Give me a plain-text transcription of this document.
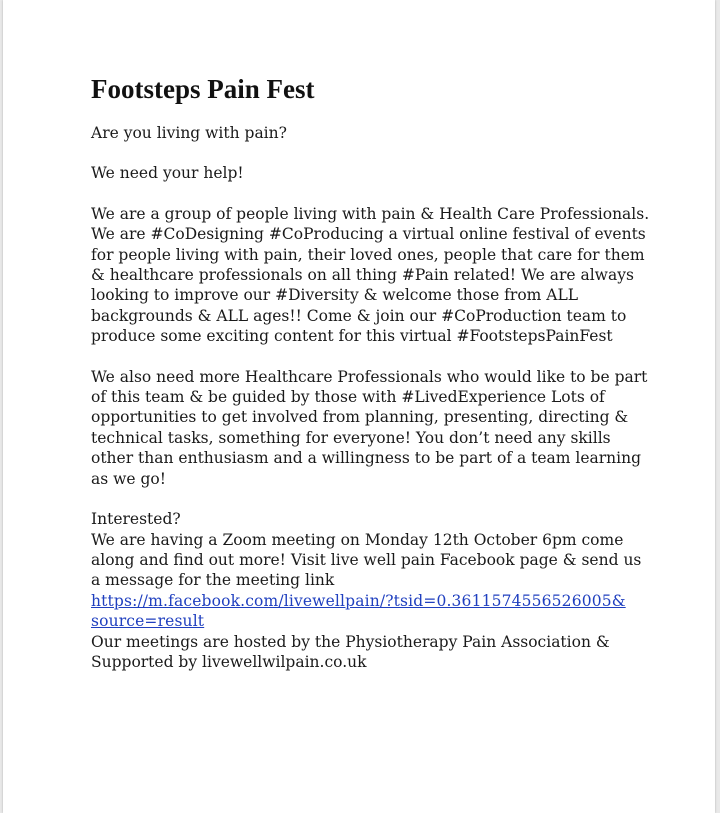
Footsteps Pain Fest

Are you living with pain?

We need your help!

We are a group of people living with pain & Health Care Professionals. We are #CoDesigning #CoProducing a virtual online festival of events for people living with pain, their loved ones, people that care for them & healthcare professionals on all thing #Pain related! We are always looking to improve our #Diversity & welcome those from ALL backgrounds & ALL ages!! Come & join our #CoProduction team to produce some exciting content for this virtual #FootstepsPainFest

We also need more Healthcare Professionals who would like to be part of this team & be guided by those with #LivedExperience Lots of opportunities to get involved from planning, presenting, directing & technical tasks, something for everyone! You don’t need any skills other than enthusiasm and a willingness to be part of a team learning as we go!

Interested?

We are having a Zoom meeting on Monday 12th October 6pm come along and find out more! Visit live well pain Facebook page & send us a message for the meeting link

https://m.facebook.com/livewellpain/?tsid=0.3611574556526005&source=result

Our meetings are hosted by the Physiotherapy Pain Association & Supported by livewellwilpain.co.uk
